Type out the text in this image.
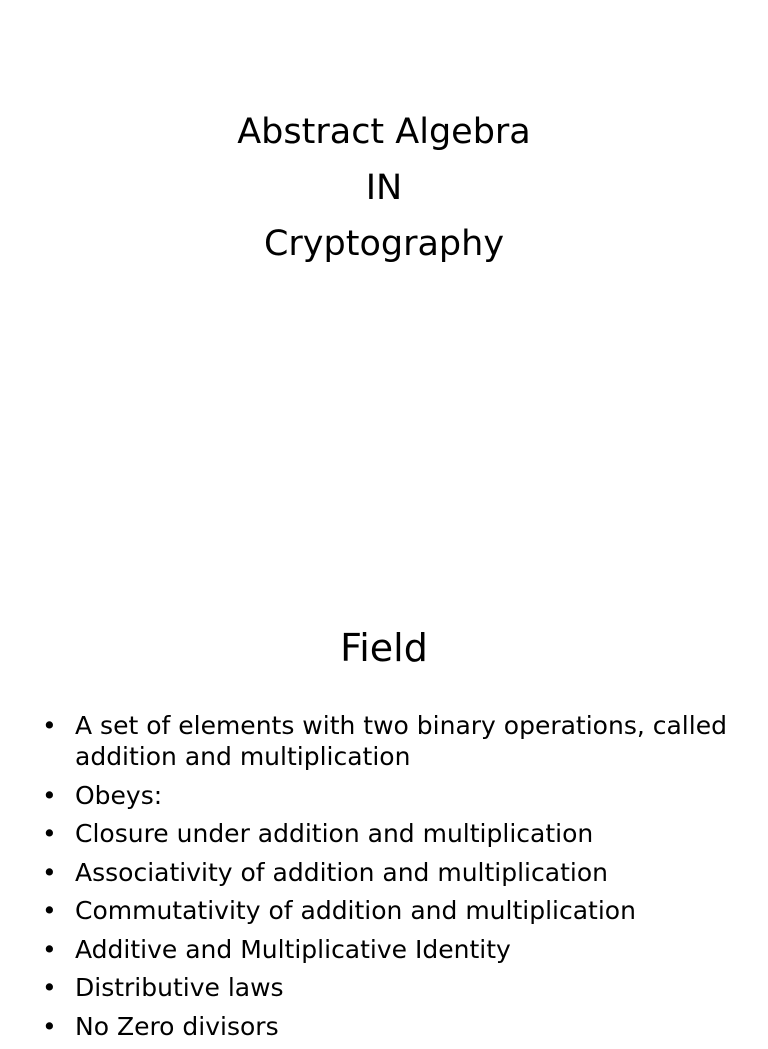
Abstract Algebra
IN
Cryptography
Field
• A set of elements with two binary operations, called addition and multiplication
• Obeys:
• Closure under addition and multiplication
• Associativity of addition and multiplication
• Commutativity of addition and multiplication
• Additive and Multiplicative Identity
• Distributive laws
• No Zero divisors
